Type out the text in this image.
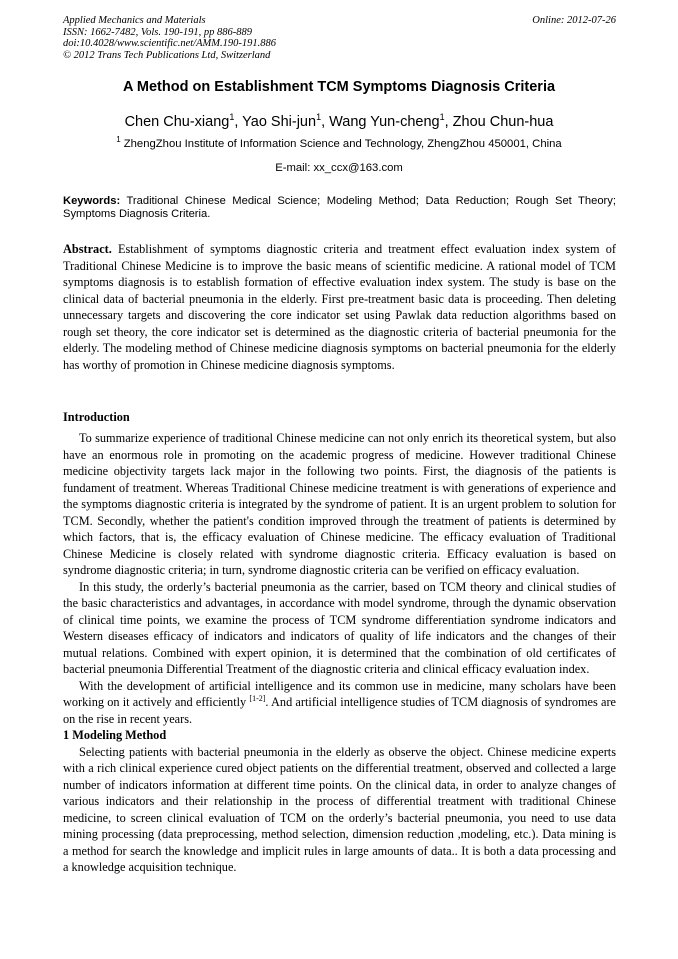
Applied Mechanics and Materials
ISSN: 1662-7482, Vols. 190-191, pp 886-889
doi:10.4028/www.scientific.net/AMM.190-191.886
© 2012 Trans Tech Publications Ltd, Switzerland
Online: 2012-07-26
A Method on Establishment TCM Symptoms Diagnosis Criteria
Chen Chu-xiang$^1$, Yao Shi-jun$^1$, Wang Yun-cheng$^1$, Zhou Chun-hua
$^1$ ZhengZhou Institute of Information Science and Technology, ZhengZhou 450001, China
E-mail: xx_ccx@163.com
Keywords: Traditional Chinese Medical Science; Modeling Method; Data Reduction; Rough Set Theory; Symptoms Diagnosis Criteria.

Abstract. Establishment of symptoms diagnostic criteria and treatment effect evaluation index system of Traditional Chinese Medicine is to improve the basic means of scientific medicine. A rational model of TCM symptoms diagnosis is to establish formation of effective evaluation index system. The study is base on the clinical data of bacterial pneumonia in the elderly. First pre-treatment basic data is proceeding. Then deleting unnecessary targets and discovering the core indicator set using Pawlak data reduction algorithms based on rough set theory, the core indicator set is determined as the diagnostic criteria of bacterial pneumonia for the elderly. The modeling method of Chinese medicine diagnosis symptoms on bacterial pneumonia for the elderly has worthy of promotion in Chinese medicine diagnosis symptoms.

Introduction

To summarize experience of traditional Chinese medicine can not only enrich its theoretical system, but also have an enormous role in promoting on the academic progress of medicine. However traditional Chinese medicine objectivity targets lack major in the following two points. First, the diagnosis of the patients is fundament of treatment. Whereas Traditional Chinese medicine treatment is with generations of experience and the symptoms diagnostic criteria is integrated by the syndrome of patient. It is an urgent problem to solution for TCM. Secondly, whether the patient's condition improved through the treatment of patients is determined by which factors, that is, the efficacy evaluation of Chinese medicine. The efficacy evaluation of Traditional Chinese Medicine is closely related with syndrome diagnostic criteria. Efficacy evaluation is based on syndrome diagnostic criteria; in turn, syndrome diagnostic criteria can be verified on efficacy evaluation.

In this study, the orderly’s bacterial pneumonia as the carrier, based on TCM theory and clinical studies of the basic characteristics and advantages, in accordance with model syndrome, through the dynamic observation of clinical time points, we examine the process of TCM syndrome differentiation syndrome indicators and Western diseases efficacy of indicators and indicators of quality of life indicators and the changes of their mutual relations. Combined with expert opinion, it is determined that the combination of old certificates of bacterial pneumonia Differential Treatment of the diagnostic criteria and clinical efficacy evaluation index.

With the development of artificial intelligence and its common use in medicine, many scholars have been working on it actively and efficiently [1-2]. And artificial intelligence studies of TCM diagnosis of syndromes are on the rise in recent years.

1 Modeling Method

Selecting patients with bacterial pneumonia in the elderly as observe the object. Chinese medicine experts with a rich clinical experience cured object patients on the differential treatment, observed and collected a large number of indicators information at different time points. On the clinical data, in order to analyze changes of various indicators and their relationship in the process of differential treatment with traditional Chinese medicine, to screen clinical evaluation of TCM on the orderly’s bacterial pneumonia, you need to use data mining processing (data preprocessing, method selection, dimension reduction ,modeling, etc.). Data mining is a method for search the knowledge and implicit rules in large amounts of data.. It is both a data processing and a knowledge acquisition technique.
